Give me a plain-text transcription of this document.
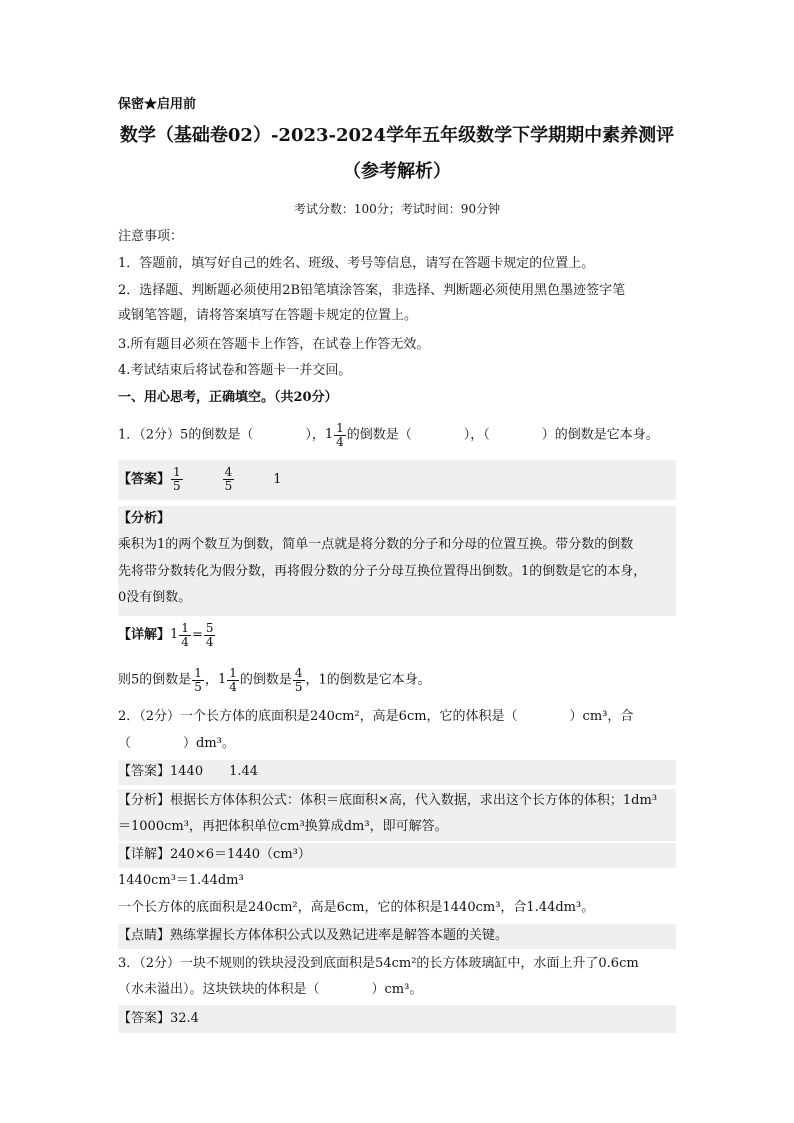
保密★启用前
数学（基础卷02）-2023-2024学年五年级数学下学期期中素养测评
（参考解析）
考试分数：100分；考试时间：90分钟
注意事项：
1．答题前，填写好自己的姓名、班级、考号等信息，请写在答题卡规定的位置上。
2．选择题、判断题必须使用2B铅笔填涂答案，非选择、判断题必须使用黑色墨迹签字笔
或钢笔答题，请将答案填写在答题卡规定的位置上。
3.所有题目必须在答题卡上作答，在试卷上作答无效。
4.考试结束后将试卷和答题卡一并交回。
一、用心思考，正确填空。（共20分）
1．（2分）5的倒数是（	），$1 \frac{1}{4}$ 的倒数是（	），（	）的倒数是它本身。
【答案】 $\frac{1}{5}$	$\frac{4}{5}$	1
【分析】
乘积为1的两个数互为倒数，简单一点就是将分数的分子和分母的位置互换。带分数的倒数
先将带分数转化为假分数，再将假分数的分子分母互换位置得出倒数。1的倒数是它的本身，
0没有倒数。
【详解】$1 \frac{1}{4} = \frac{5}{4}$
则5的倒数是 $\frac{1}{5}$ ，$1 \frac{1}{4}$ 的倒数是 $\frac{4}{5}$ ，1的倒数是它本身。
2．（2分）一个长方体的底面积是240cm²，高是6cm，它的体积是（　　　　）cm³，合
（　　　　）dm³。
【答案】1440　　1.44
【分析】根据长方体体积公式：体积＝底面积×高，代入数据，求出这个长方体的体积；1dm³
＝1000cm³，再把体积单位cm³换算成dm³，即可解答。
【详解】240×6＝1440（cm³）
1440cm³＝1.44dm³
一个长方体的底面积是240cm²，高是6cm，它的体积是1440cm³，合1.44dm³。
【点睛】熟练掌握长方体体积公式以及熟记进率是解答本题的关键。
3．（2分）一块不规则的铁块浸没到底面积是54cm²的长方体玻璃缸中，水面上升了0.6cm
（水未溢出）。这块铁块的体积是（　　　　）cm³。
【答案】32.4
